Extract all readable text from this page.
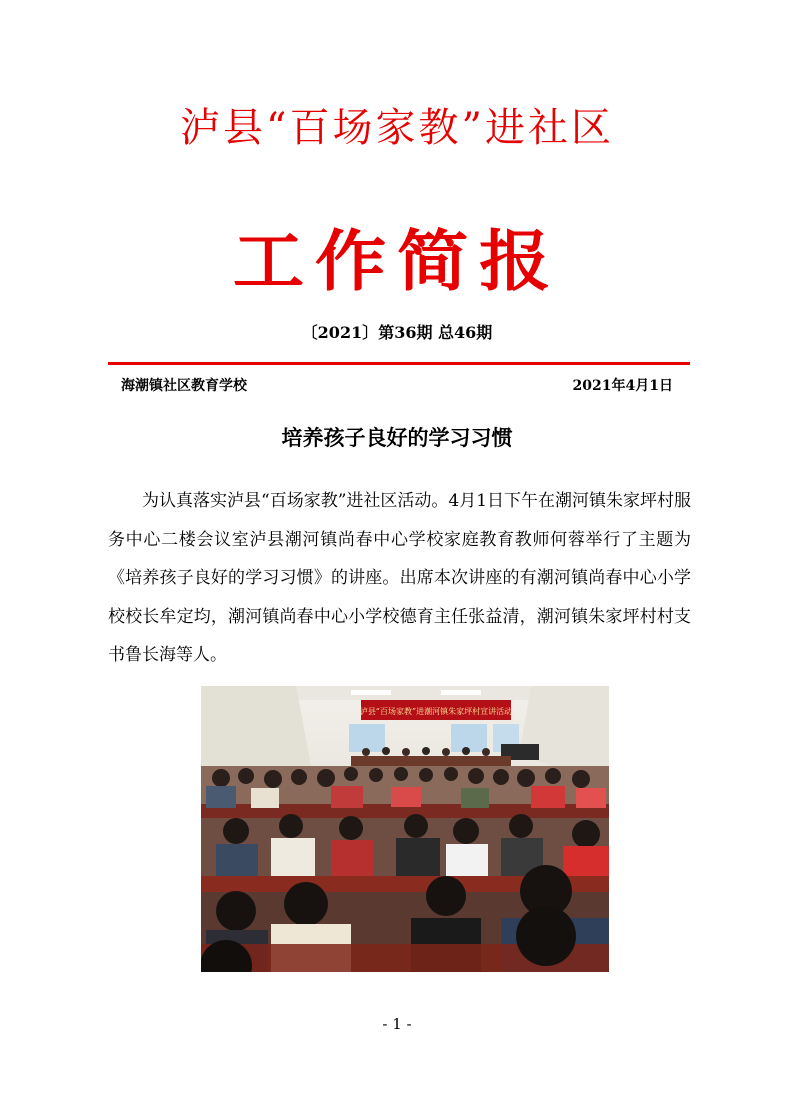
泸县“百场家教”进社区
工作简报
〔2021〕第36期 总46期
海潮镇社区教育学校	2021年4月1日
培养孩子良好的学习习惯

为认真落实泸县“百场家教”进社区活动。4月1日下午在潮河镇朱家坪村服务中心二楼会议室泸县潮河镇尚春中心学校家庭教育教师何蓉举行了主题为《培养孩子良好的学习习惯》的讲座。出席本次讲座的有潮河镇尚春中心小学校校长牟定均，潮河镇尚春中心小学校德育主任张益清，潮河镇朱家坪村村支书鲁长海等人。

泸县“百场家教”进潮河镇朱家坪村宣讲活动
- 1 -
